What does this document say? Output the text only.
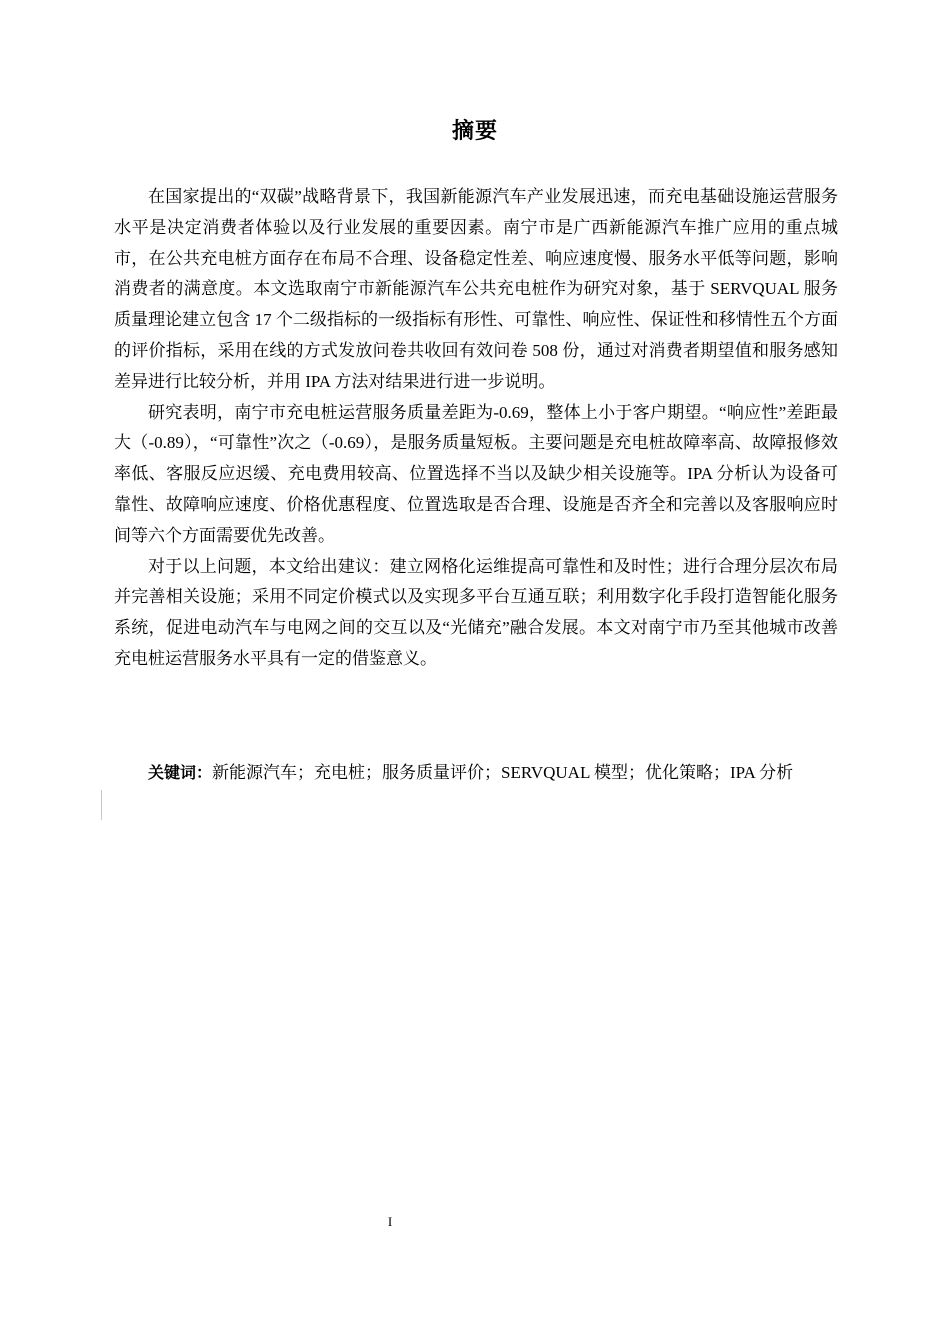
摘要

在国家提出的“双碳”战略背景下，我国新能源汽车产业发展迅速，而充电基础设施运营服务水平是决定消费者体验以及行业发展的重要因素。南宁市是广西新能源汽车推广应用的重点城市，在公共充电桩方面存在布局不合理、设备稳定性差、响应速度慢、服务水平低等问题，影响消费者的满意度。本文选取南宁市新能源汽车公共充电桩作为研究对象，基于 SERVQUAL 服务质量理论建立包含 17 个二级指标的一级指标有形性、可靠性、响应性、保证性和移情性五个方面的评价指标，采用在线的方式发放问卷共收回有效问卷 508 份，通过对消费者期望值和服务感知差异进行比较分析，并用 IPA 方法对结果进行进一步说明。

研究表明，南宁市充电桩运营服务质量差距为-0.69，整体上小于客户期望。“响应性”差距最大（-0.89），“可靠性”次之（-0.69），是服务质量短板。主要问题是充电桩故障率高、故障报修效率低、客服反应迟缓、充电费用较高、位置选择不当以及缺少相关设施等。IPA 分析认为设备可靠性、故障响应速度、价格优惠程度、位置选取是否合理、设施是否齐全和完善以及客服响应时间等六个方面需要优先改善。

对于以上问题，本文给出建议：建立网格化运维提高可靠性和及时性；进行合理分层次布局并完善相关设施；采用不同定价模式以及实现多平台互通互联；利用数字化手段打造智能化服务系统，促进电动汽车与电网之间的交互以及“光储充”融合发展。本文对南宁市乃至其他城市改善充电桩运营服务水平具有一定的借鉴意义。

关键词：新能源汽车；充电桩；服务质量评价；SERVQUAL 模型；优化策略；IPA 分析

I
